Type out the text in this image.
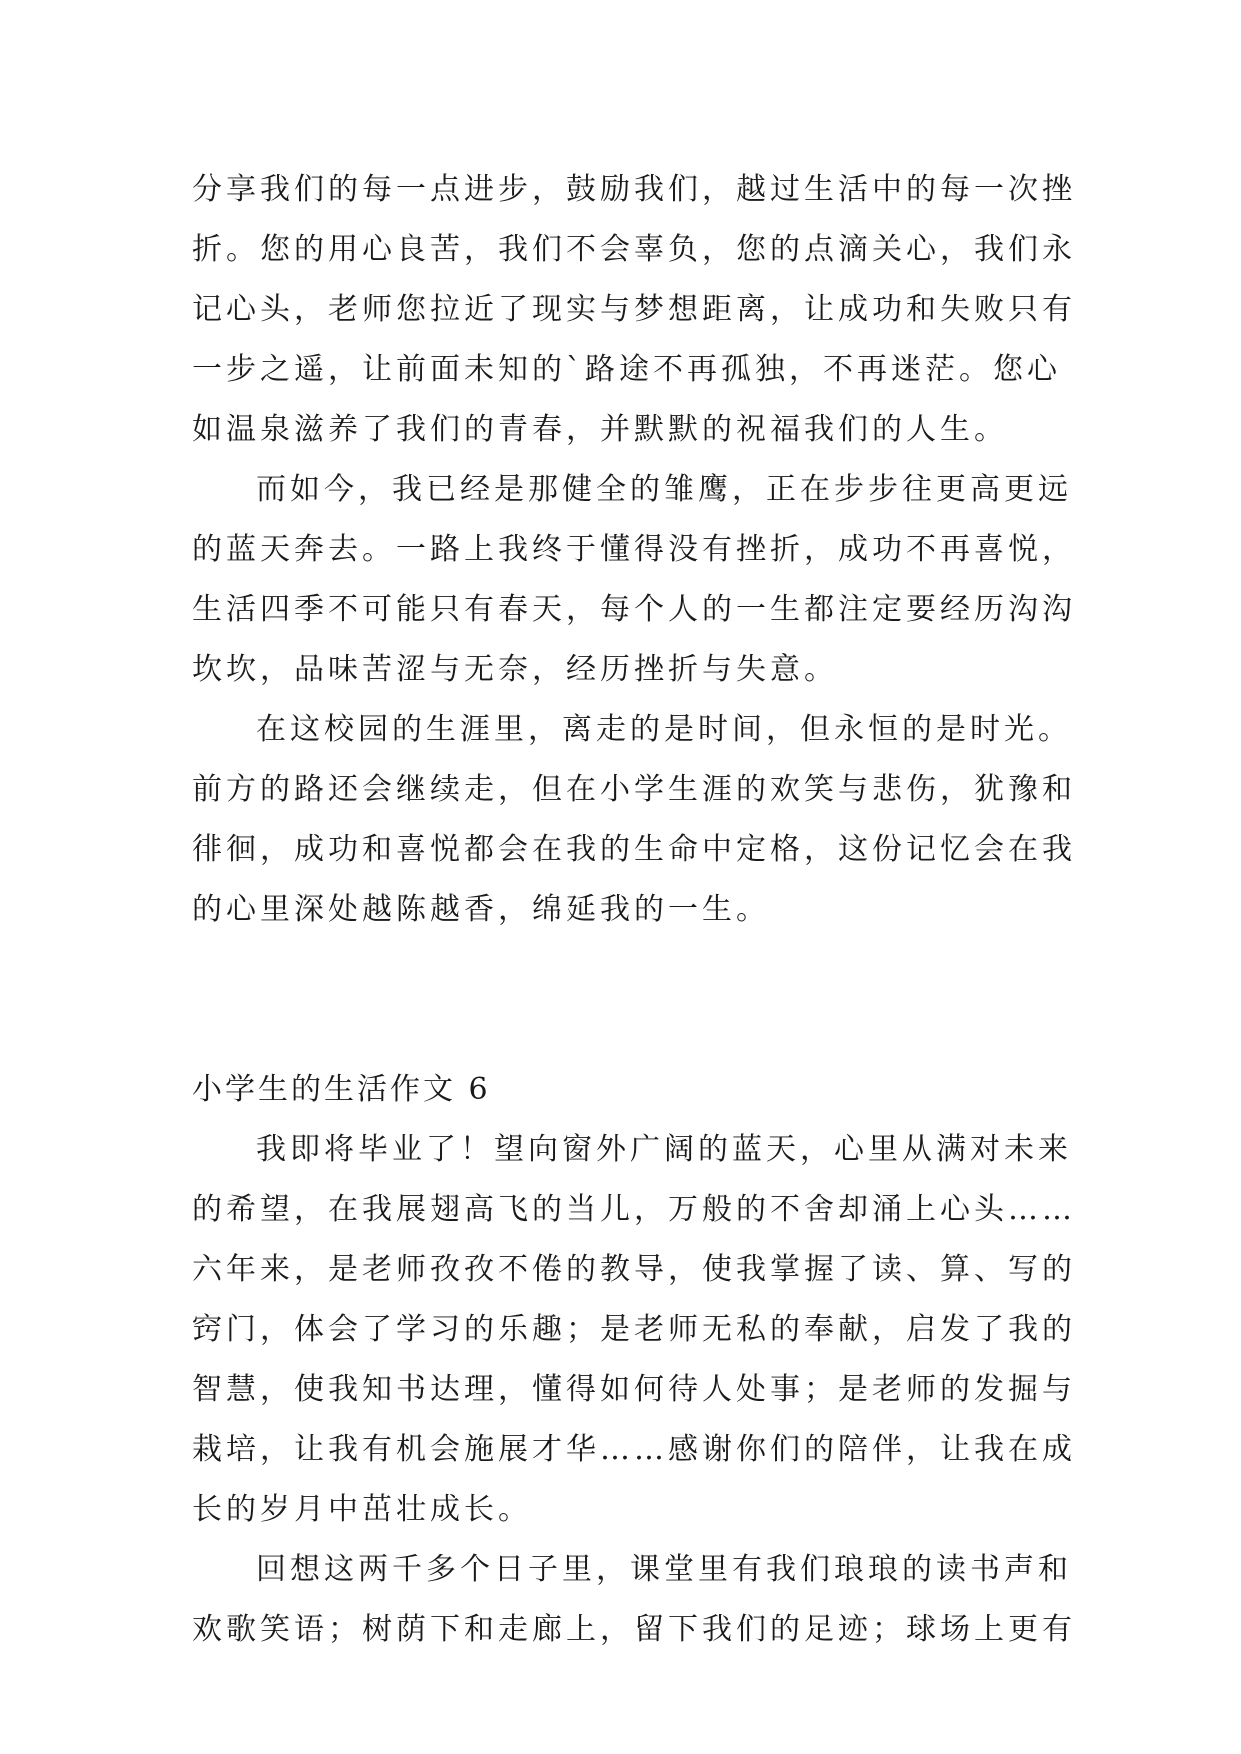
分享我们的每一点进步，鼓励我们，越过生活中的每一次挫
折。您的用心良苦，我们不会辜负，您的点滴关心，我们永
记心头，老师您拉近了现实与梦想距离，让成功和失败只有
一步之遥，让前面未知的`路途不再孤独，不再迷茫。您心
如温泉滋养了我们的青春，并默默的祝福我们的人生。
而如今，我已经是那健全的雏鹰，正在步步往更高更远
的蓝天奔去。一路上我终于懂得没有挫折，成功不再喜悦，
生活四季不可能只有春天，每个人的一生都注定要经历沟沟
坎坎，品味苦涩与无奈，经历挫折与失意。
在这校园的生涯里，离走的是时间，但永恒的是时光。
前方的路还会继续走，但在小学生涯的欢笑与悲伤，犹豫和
徘徊，成功和喜悦都会在我的生命中定格，这份记忆会在我
的心里深处越陈越香，绵延我的一生。
小学生的生活作文 6
我即将毕业了！望向窗外广阔的蓝天，心里从满对未来
的希望，在我展翅高飞的当儿，万般的不舍却涌上心头……
六年来，是老师孜孜不倦的教导，使我掌握了读、算、写的
窍门，体会了学习的乐趣；是老师无私的奉献，启发了我的
智慧，使我知书达理，懂得如何待人处事；是老师的发掘与
栽培，让我有机会施展才华……感谢你们的陪伴，让我在成
长的岁月中茁壮成长。
回想这两千多个日子里，课堂里有我们琅琅的读书声和
欢歌笑语；树荫下和走廊上，留下我们的足迹；球场上更有
